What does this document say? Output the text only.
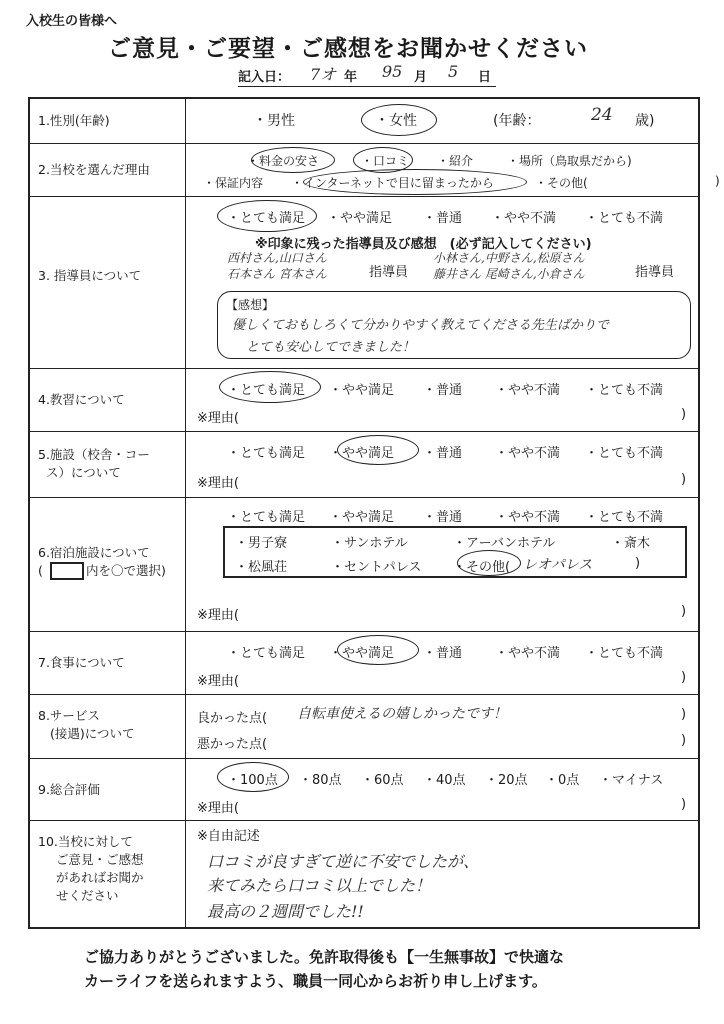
入校生の皆様へ
ご意見・ご要望・ご感想をお聞かせください
記入日： 7オ 年 95 月 5 日
1.性別(年齢)	・男性	・女性	(年齢：	24 歳)
2.当校を選んだ理由
・料金の安さ	・口コミ ・紹介	・場所（鳥取県だから)
・保証内容 ・インターネットで目に留まったから	・その他(	)
3. 指導員について
・とても満足 ・やや満足 ・普通 ・やや不満 ・とても不満
※印象に残った指導員及び感想　(必ず記入してください)
西村さん,山口さん
石本さん 宮本さん	指導員
小林さん,中野さん,松原さん
藤井さん 尾崎さん,小倉さん	指導員
【感想】
優しくておもしろくて分かりやすく教えてくださる先生ばかりで
とても安心してできました！
4.教習について
・とても満足 ・やや満足 ・普通	・やや不満 ・とても不満
※理由(	)
5.施設（校舎・コー
ス）について
・とても満足 ・やや満足 ・普通	・やや不満 ・とても不満
※理由(	)
6.宿泊施設について
(	内を〇で選択)
・とても満足 ・やや満足 ・普通	・やや不満 ・とても不満
・男子寮	・サンホテル	・アーバンホテル	・斎木
・松風荘	・セントパレス ・その他( レオパレス	)
※理由(	)
7.食事について
・とても満足 ・やや満足 ・普通	・やや不満 ・とても不満
※理由(	)
8.サービス
(接遇)について
良かった点( 自転車使えるの嬉しかったです！	)
悪かった点(	)
9.総合評価
・100点 ・80点 ・60点 ・40点 ・20点 ・0点 ・マイナス
※理由(	)
10.当校に対して
ご意見・ご感想
があればお聞か
せください
※自由記述
口コミが良すぎて逆に不安でしたが、
来てみたら口コミ以上でした！
最高の２週間でした!!
ご協力ありがとうございました。免許取得後も【一生無事故】で快適な
カーライフを送られますよう、職員一同心からお祈り申し上げます。
